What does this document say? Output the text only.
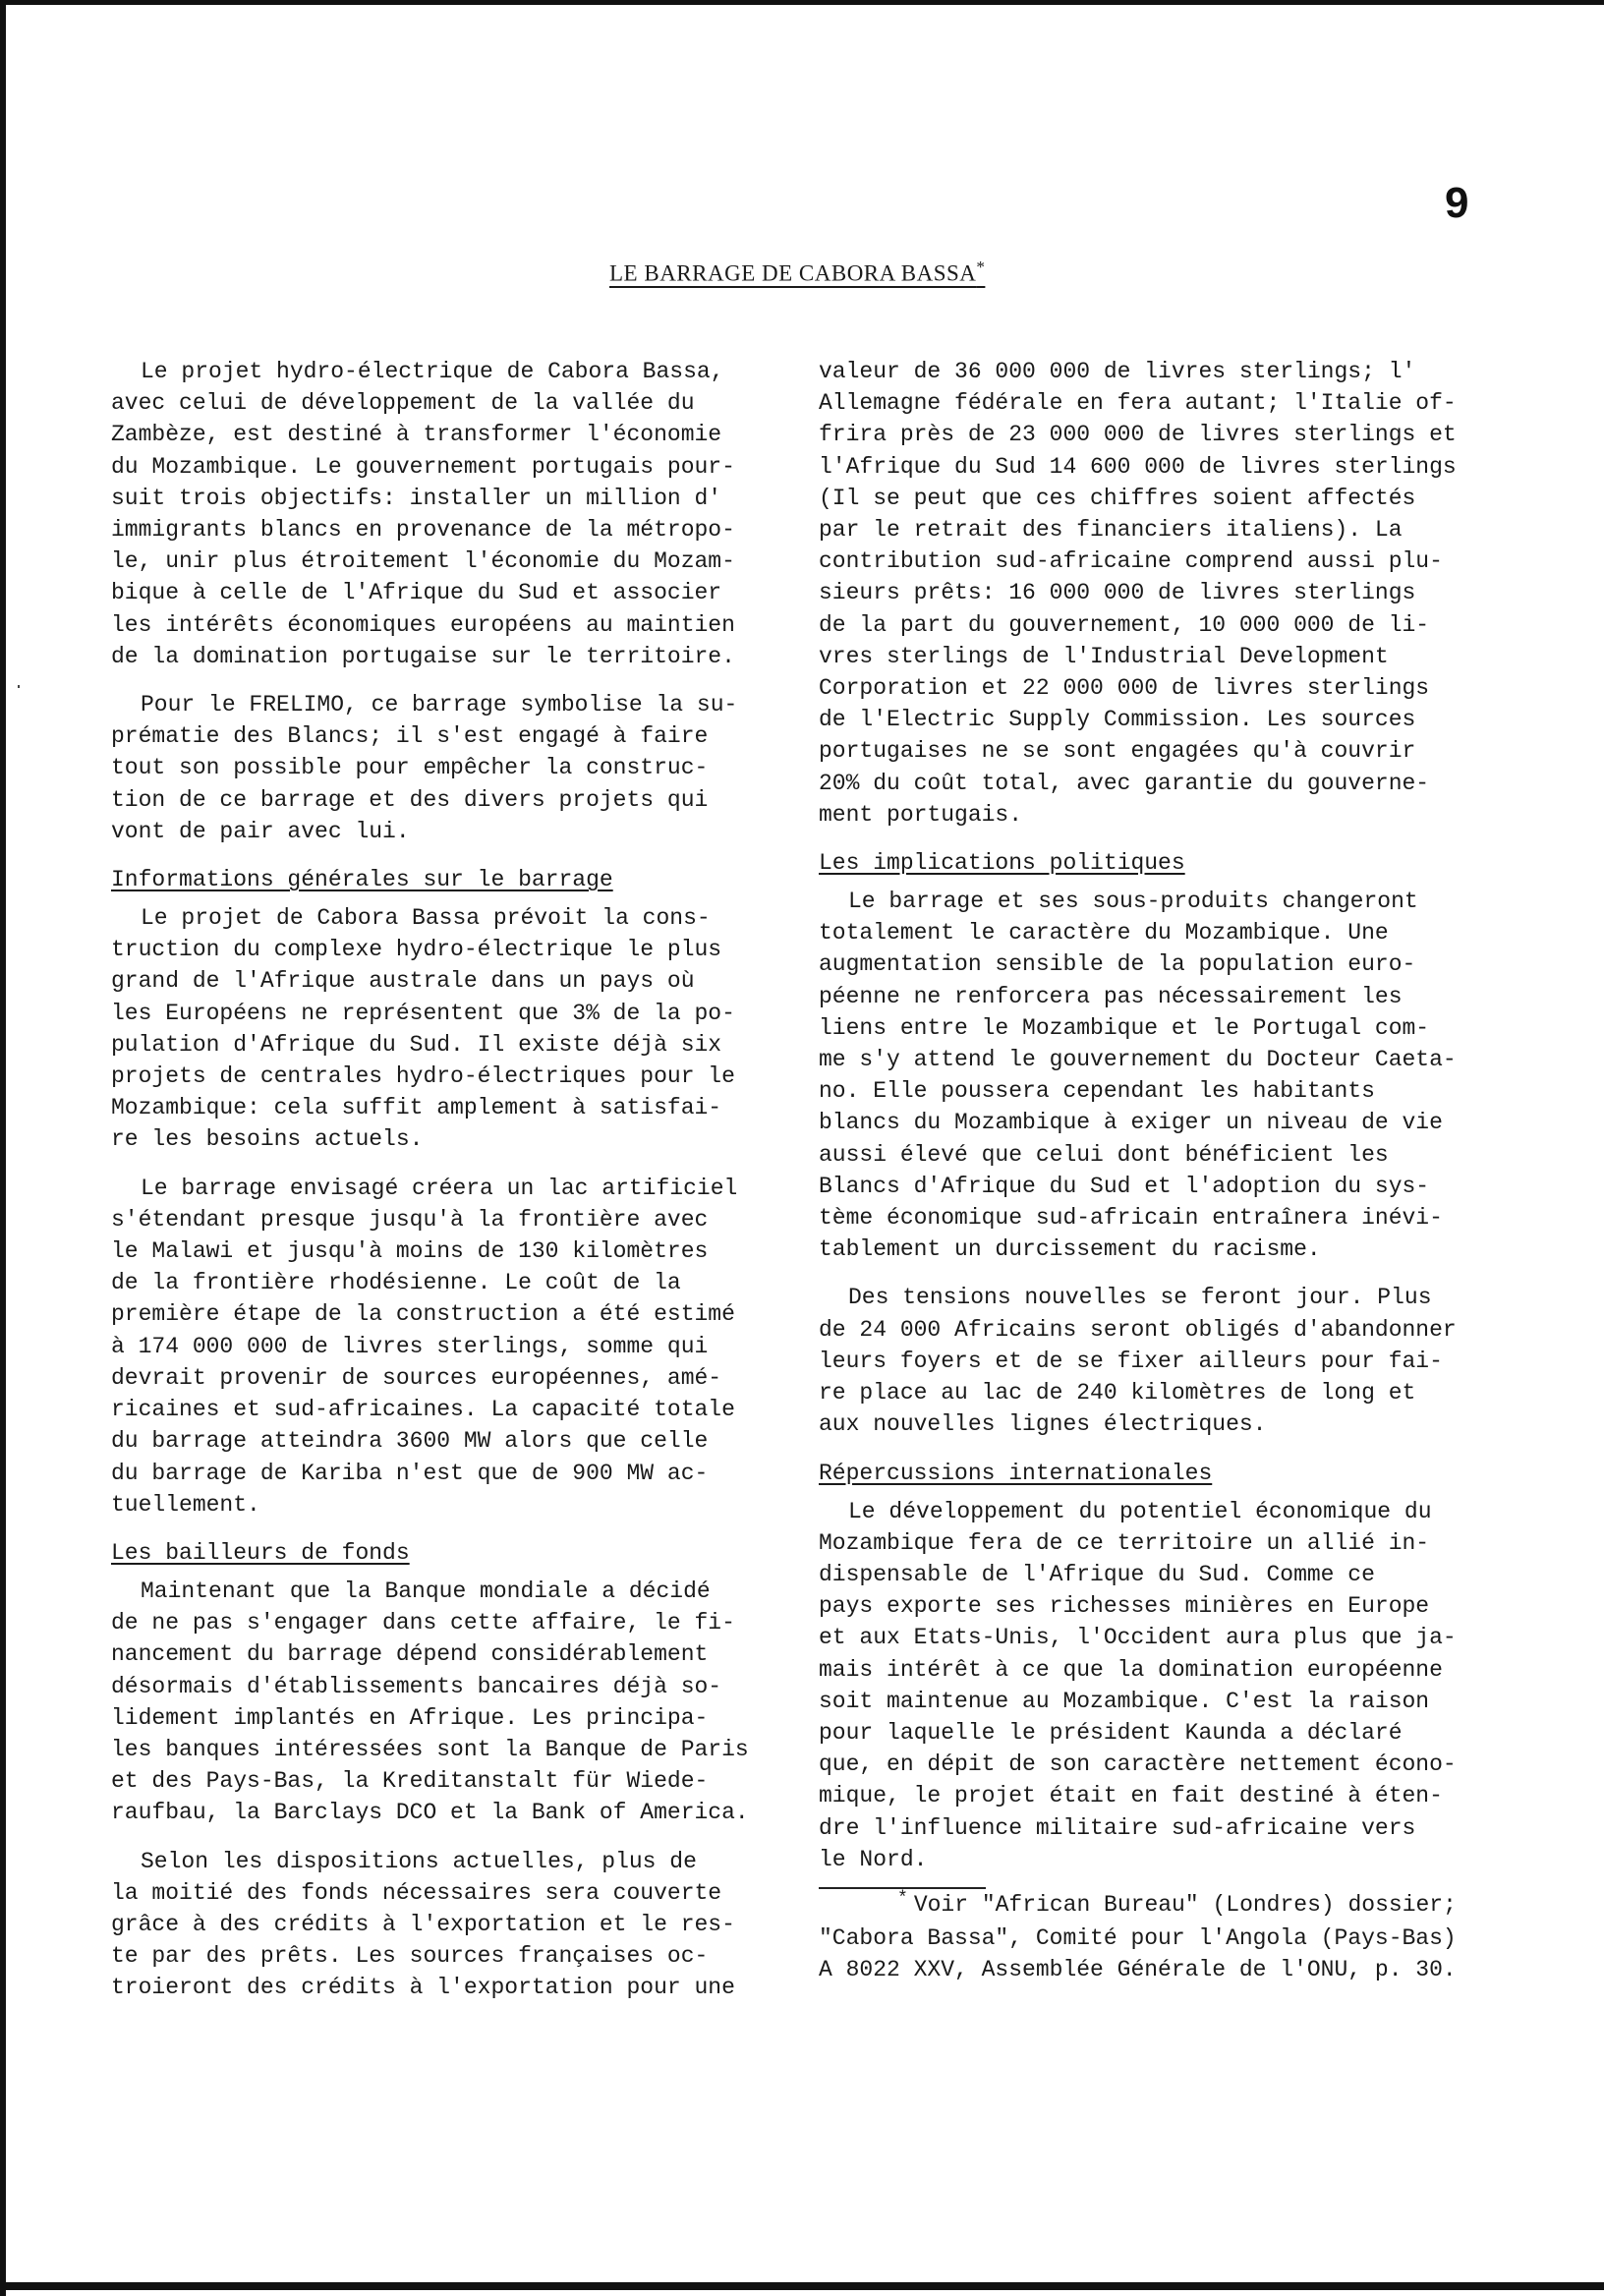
9
LE BARRAGE DE CABORA BASSA*

Le projet hydro-électrique de Cabora Bassa,
avec celui de développement de la vallée du
Zambèze, est destiné à transformer l'économie
du Mozambique. Le gouvernement portugais pour-
suit trois objectifs: installer un million d'
immigrants blancs en provenance de la métropo-
le, unir plus étroitement l'économie du Mozam-
bique à celle de l'Afrique du Sud et associer
les intérêts économiques européens au maintien
de la domination portugaise sur le territoire.

Pour le FRELIMO, ce barrage symbolise la su-
prématie des Blancs; il s'est engagé à faire
tout son possible pour empêcher la construc-
tion de ce barrage et des divers projets qui
vont de pair avec lui.

Informations générales sur le barrage

Le projet de Cabora Bassa prévoit la cons-
truction du complexe hydro-électrique le plus
grand de l'Afrique australe dans un pays où
les Européens ne représentent que 3% de la po-
pulation d'Afrique du Sud. Il existe déjà six
projets de centrales hydro-électriques pour le
Mozambique: cela suffit amplement à satisfai-
re les besoins actuels.

Le barrage envisagé créera un lac artificiel
s'étendant presque jusqu'à la frontière avec
le Malawi et jusqu'à moins de 130 kilomètres
de la frontière rhodésienne. Le coût de la
première étape de la construction a été estimé
à 174 000 000 de livres sterlings, somme qui
devrait provenir de sources européennes, amé-
ricaines et sud-africaines. La capacité totale
du barrage atteindra 3600 MW alors que celle
du barrage de Kariba n'est que de 900 MW ac-
tuellement.

Les bailleurs de fonds

Maintenant que la Banque mondiale a décidé
de ne pas s'engager dans cette affaire, le fi-
nancement du barrage dépend considérablement
désormais d'établissements bancaires déjà so-
lidement implantés en Afrique. Les principa-
les banques intéressées sont la Banque de Paris
et des Pays-Bas, la Kreditanstalt für Wiede-
raufbau, la Barclays DCO et la Bank of America.

Selon les dispositions actuelles, plus de
la moitié des fonds nécessaires sera couverte
grâce à des crédits à l'exportation et le res-
te par des prêts. Les sources françaises oc-
troieront des crédits à l'exportation pour une

valeur de 36 000 000 de livres sterlings; l'
Allemagne fédérale en fera autant; l'Italie of-
frira près de 23 000 000 de livres sterlings et
l'Afrique du Sud 14 600 000 de livres sterlings
(Il se peut que ces chiffres soient affectés
par le retrait des financiers italiens). La
contribution sud-africaine comprend aussi plu-
sieurs prêts: 16 000 000 de livres sterlings
de la part du gouvernement, 10 000 000 de li-
vres sterlings de l'Industrial Development
Corporation et 22 000 000 de livres sterlings
de l'Electric Supply Commission. Les sources
portugaises ne se sont engagées qu'à couvrir
20% du coût total, avec garantie du gouverne-
ment portugais.

Les implications politiques

Le barrage et ses sous-produits changeront
totalement le caractère du Mozambique. Une
augmentation sensible de la population euro-
péenne ne renforcera pas nécessairement les
liens entre le Mozambique et le Portugal com-
me s'y attend le gouvernement du Docteur Caeta-
no. Elle poussera cependant les habitants
blancs du Mozambique à exiger un niveau de vie
aussi élevé que celui dont bénéficient les
Blancs d'Afrique du Sud et l'adoption du sys-
tème économique sud-africain entraînera inévi-
tablement un durcissement du racisme.

Des tensions nouvelles se feront jour. Plus
de 24 000 Africains seront obligés d'abandonner
leurs foyers et de se fixer ailleurs pour fai-
re place au lac de 240 kilomètres de long et
aux nouvelles lignes électriques.

Répercussions internationales

Le développement du potentiel économique du
Mozambique fera de ce territoire un allié in-
dispensable de l'Afrique du Sud. Comme ce
pays exporte ses richesses minières en Europe
et aux Etats-Unis, l'Occident aura plus que ja-
mais intérêt à ce que la domination européenne
soit maintenue au Mozambique. C'est la raison
pour laquelle le président Kaunda a déclaré
que, en dépit de son caractère nettement écono-
mique, le projet était en fait destiné à éten-
dre l'influence militaire sud-africaine vers
le Nord.

* Voir "African Bureau" (Londres) dossier;
"Cabora Bassa", Comité pour l'Angola (Pays-Bas)
A 8022 XXV, Assemblée Générale de l'ONU, p. 30.
